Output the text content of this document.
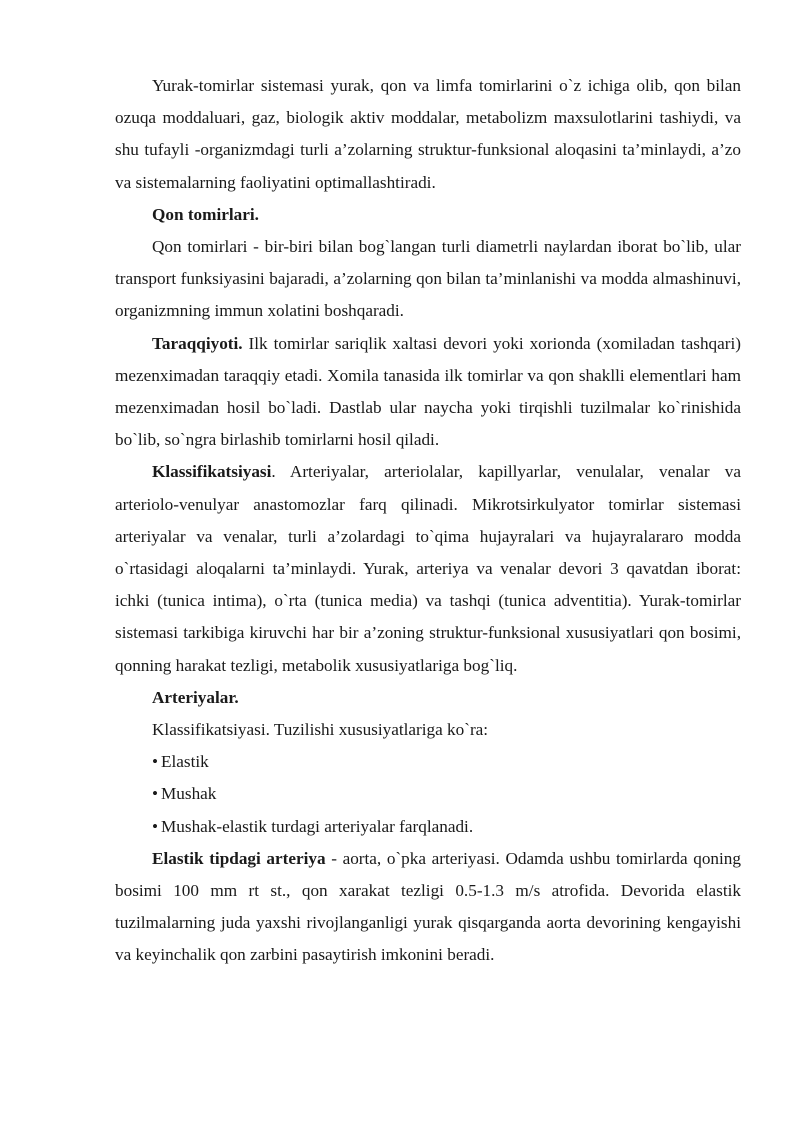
Yurak-tomirlar sistemasi yurak, qon va limfa tomirlarini o`z ichiga olib, qon bilan ozuqa moddaluari, gaz, biologik aktiv moddalar, metabolizm maxsulotlarini tashiydi, va shu tufayli -organizmdagi turli a’zolarning struktur-funksional aloqasini ta’minlaydi, a’zo va sistemalarning faoliyatini optimallashtiradi.

Qon tomirlari.

Qon tomirlari - bir-biri bilan bog`langan turli diametrli naylardan iborat bo`lib, ular transport funksiyasini bajaradi, a’zolarning qon bilan ta’minlanishi va modda almashinuvi, organizmning immun xolatini boshqaradi.

Taraqqiyoti. Ilk tomirlar sariqlik xaltasi devori yoki xorionda (xomiladan tashqari) mezenximadan taraqqiy etadi. Xomila tanasida ilk tomirlar va qon shaklli elementlari ham mezenximadan hosil bo`ladi. Dastlab ular naycha yoki tirqishli tuzilmalar ko`rinishida bo`lib, so`ngra birlashib tomirlarni hosil qiladi.

Klassifikatsiyasi. Arteriyalar, arteriolalar, kapillyarlar, venulalar, venalar va arteriolo-venulyar anastomozlar farq qilinadi. Mikrotsirkulyator tomirlar sistemasi arteriyalar va venalar, turli a’zolardagi to`qima hujayralari va hujayralararo modda o`rtasidagi aloqalarni ta’minlaydi. Yurak, arteriya va venalar devori 3 qavatdan iborat: ichki (tunica intima), o`rta (tunica media) va tashqi (tunica adventitia). Yurak-tomirlar sistemasi tarkibiga kiruvchi har bir a’zoning struktur-funksional xususiyatlari qon bosimi, qonning harakat tezligi, metabolik xususiyatlariga bog`liq.

Arteriyalar.

Klassifikatsiyasi. Tuzilishi xususiyatlariga ko`ra:

• Elastik

• Mushak

• Mushak-elastik turdagi arteriyalar farqlanadi.

Elastik tipdagi arteriya - aorta, o`pka arteriyasi. Odamda ushbu tomirlarda qoning bosimi 100 mm rt st., qon xarakat tezligi 0.5-1.3 m/s atrofida. Devorida elastik tuzilmalarning juda yaxshi rivojlanganligi yurak qisqarganda aorta devorining kengayishi va keyinchalik qon zarbini pasaytirish imkonini beradi.
